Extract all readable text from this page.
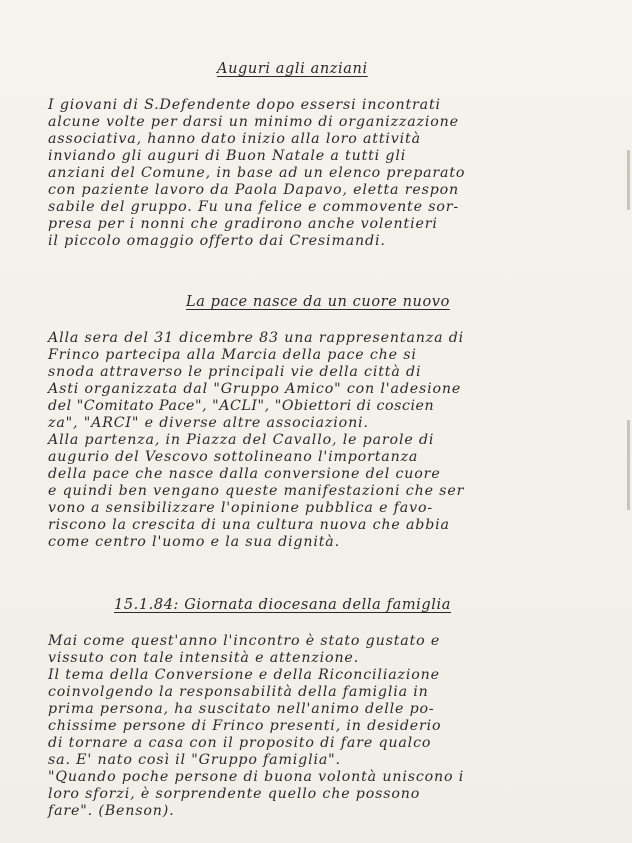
Auguri agli anziani
I giovani di S.Defendente dopo essersi incontrati
alcune volte per darsi un minimo di organizzazione
associativa, hanno dato inizio alla loro attività
inviando gli auguri di Buon Natale a tutti gli
anziani del Comune, in base ad un elenco preparato
con paziente lavoro da Paola Dapavo, eletta respon
sabile del gruppo. Fu una felice e commovente sor-
presa per i nonni che gradirono anche volentieri
il piccolo omaggio offerto dai Cresimandi.
La pace nasce da un cuore nuovo
Alla sera del 31 dicembre 83 una rappresentanza di
Frinco partecipa alla Marcia della pace che si
snoda attraverso le principali vie della città di
Asti organizzata dal "Gruppo Amico" con l'adesione
del "Comitato Pace", "ACLI", "Obiettori di coscien
za", "ARCI" e diverse altre associazioni.
Alla partenza, in Piazza del Cavallo, le parole di
augurio del Vescovo sottolineano l'importanza
della pace che nasce dalla conversione del cuore
e quindi ben vengano queste manifestazioni che ser
vono a sensibilizzare l'opinione pubblica e favo-
riscono la crescita di una cultura nuova che abbia
come centro l'uomo e la sua dignità.
15.1.84: Giornata diocesana della famiglia
Mai come quest'anno l'incontro è stato gustato e
vissuto con tale intensità e attenzione.
Il tema della Conversione e della Riconciliazione
coinvolgendo la responsabilità della famiglia in
prima persona, ha suscitato nell'animo delle po-
chissime persone di Frinco presenti, in desiderio
di tornare a casa con il proposito di fare qualco
sa. E' nato così il "Gruppo famiglia".
"Quando poche persone di buona volontà uniscono i
loro sforzi, è sorprendente quello che possono
fare". (Benson).
